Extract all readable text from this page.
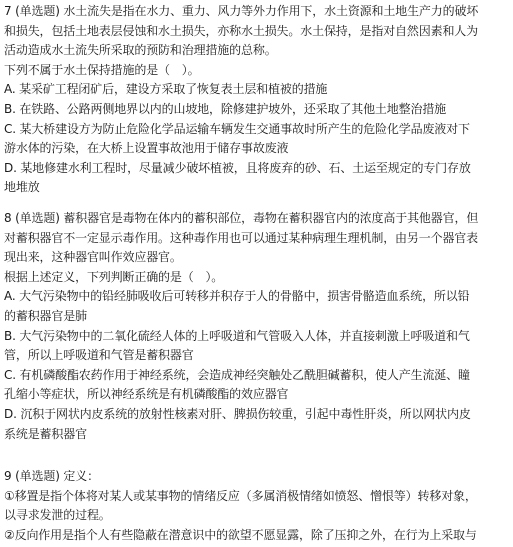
7 (单选题) 水土流失是指在水力、重力、风力等外力作用下，水土资源和土地生产力的破坏
和损失，包括土地表层侵蚀和水土损失，亦称水土损失。水土保持，是指对自然因素和人为
活动造成水土流失所采取的预防和治理措施的总称。
下列不属于水土保持措施的是（　）。
A. 某采矿工程闭矿后，建设方采取了恢复表土层和植被的措施
B. 在铁路、公路两侧地界以内的山坡地，除修建护坡外，还采取了其他土地整治措施
C. 某大桥建设方为防止危险化学品运输车辆发生交通事故时所产生的危险化学品废液对下
游水体的污染，在大桥上设置事故池用于储存事故废液
D. 某地修建水利工程时，尽量减少破坏植被，且将废弃的砂、石、土运至规定的专门存放
地堆放
8 (单选题) 蓄积器官是毒物在体内的蓄积部位，毒物在蓄积器官内的浓度高于其他器官，但
对蓄积器官不一定显示毒作用。这种毒作用也可以通过某种病理生理机制，由另一个器官表
现出来，这种器官叫作效应器官。
根据上述定义，下列判断正确的是（　）。
A. 大气污染物中的铅经肺吸收后可转移并积存于人的骨骼中，损害骨骼造血系统，所以铅
的蓄积器官是肺
B. 大气污染物中的二氧化硫经人体的上呼吸道和气管吸入人体，并直接刺激上呼吸道和气
管，所以上呼吸道和气管是蓄积器官
C. 有机磷酸酯农药作用于神经系统，会造成神经突触处乙酰胆碱蓄积，使人产生流涎、瞳
孔缩小等症状，所以神经系统是有机磷酸酯的效应器官
D. 沉积于网状内皮系统的放射性核素对肝、脾损伤较重，引起中毒性肝炎，所以网状内皮
系统是蓄积器官
9 (单选题) 定义：
①移置是指个体将对某人或某事物的情绪反应（多属消极情绪如愤怒、憎恨等）转移对象，
以寻求发泄的过程。
②反向作用是指个人有些隐蔽在潜意识中的欲望不愿显露，除了压抑之外，在行为上采取与
